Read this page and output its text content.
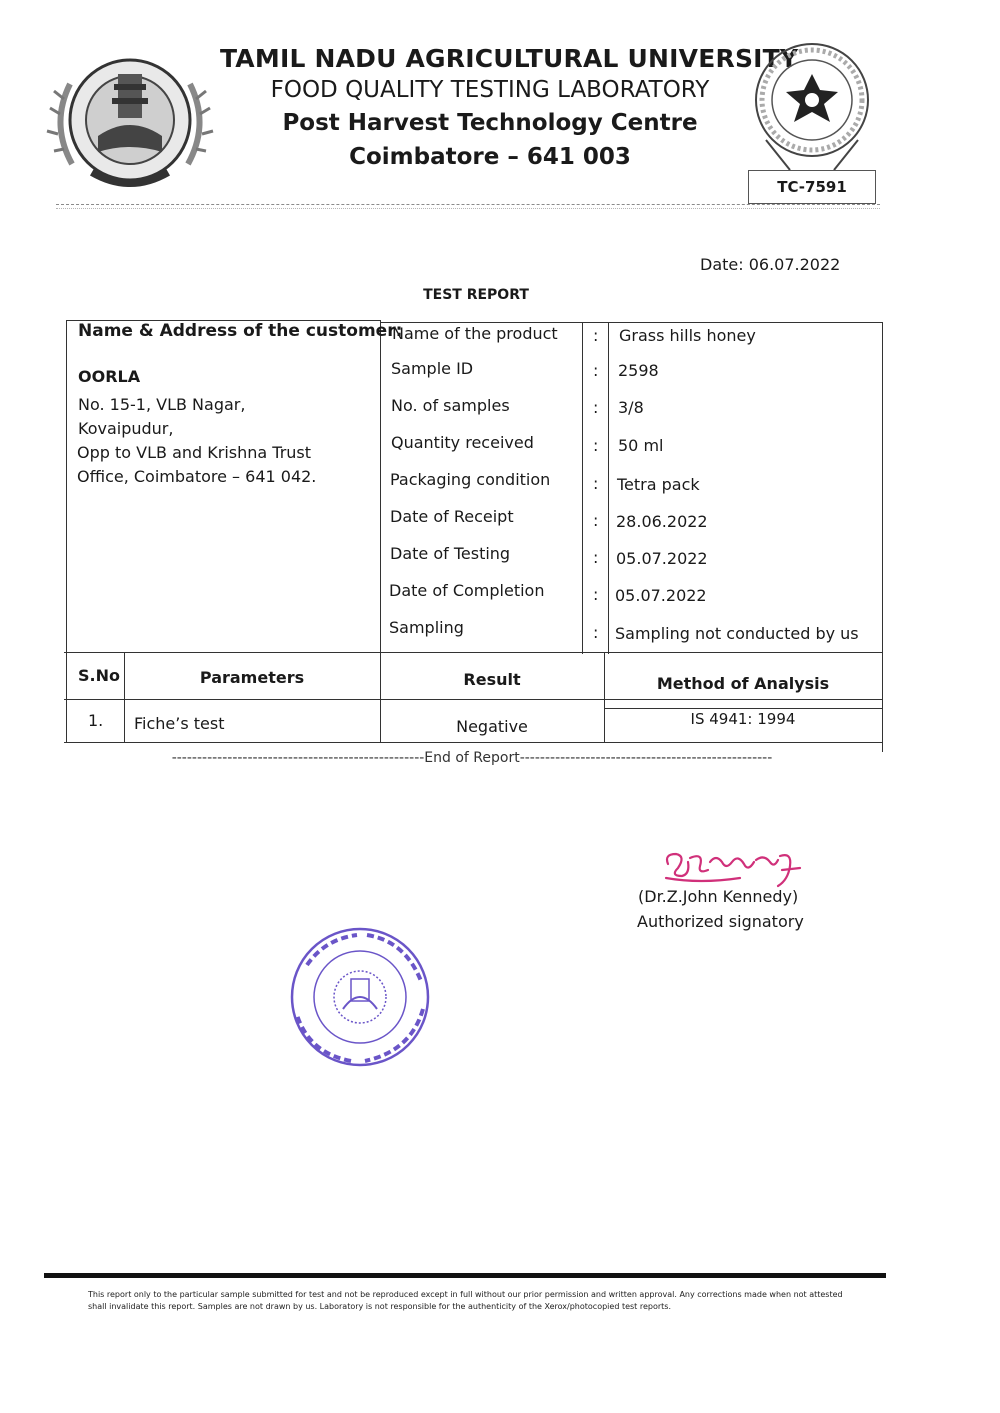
TAMIL NADU AGRICULTURAL UNIVERSITY
FOOD QUALITY TESTING LABORATORY
Post Harvest Technology Centre
Coimbatore – 641 003
TC-7591
Date: 06.07.2022
TEST REPORT
Name & Address of the customer:
OORLA
No. 15-1, VLB Nagar,
Kovaipudur,
Opp to VLB and Krishna Trust
Office, Coimbatore – 641 042.
Name of the product : Grass hills honey
Sample ID	: 2598
No. of samples	: 3/8
Quantity received	: 50 ml
Packaging condition	: Tetra pack
Date of Receipt	: 28.06.2022
Date of Testing	: 05.07.2022
Date of Completion	: 05.07.2022
Sampling	: Sampling not conducted by us
S.No	Parameters	Result	Method of Analysis
1. Fiche’s test	Negative	IS 4941: 1994
--------------------------------------------------End of Report--------------------------------------------------
(Dr.Z.John Kennedy)
Authorized signatory
This report only to the particular sample submitted for test and not be reproduced except in full without our prior permission and written approval. Any corrections made when not attested shall invalidate this report. Samples are not drawn by us. Laboratory is not responsible for the authenticity of the Xerox/photocopied test reports.
